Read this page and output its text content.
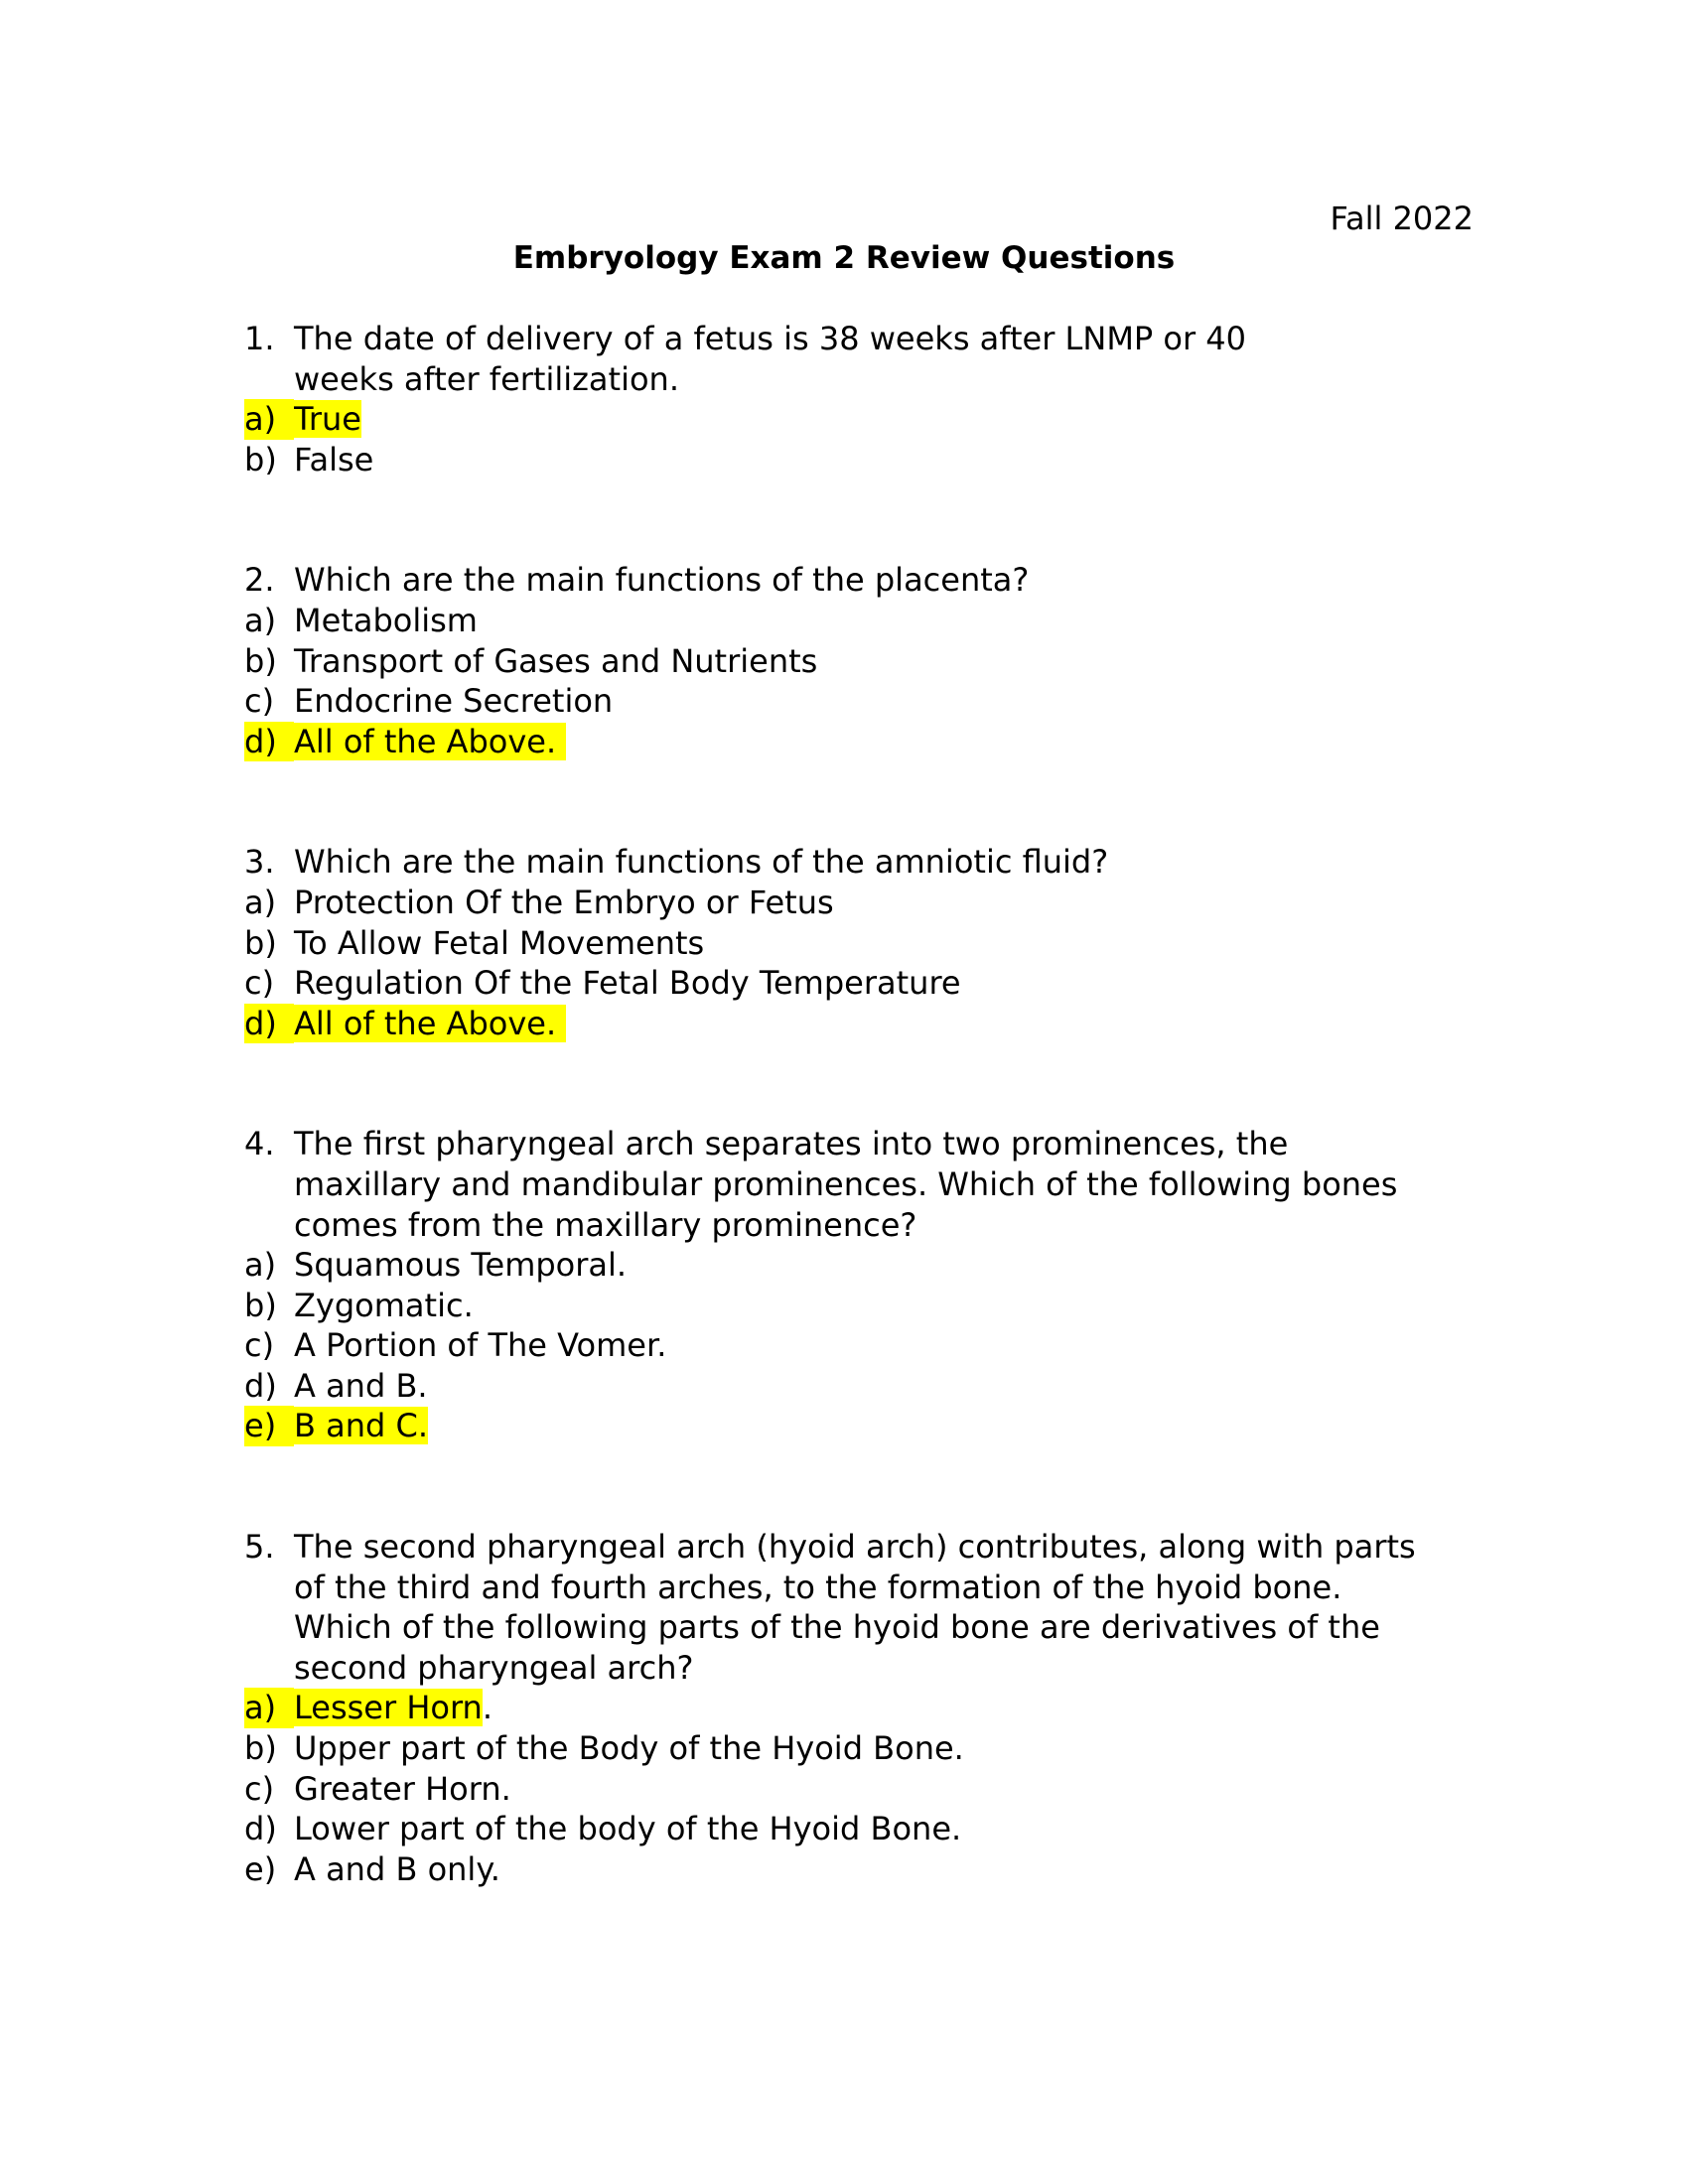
Fall 2022
Embryology Exam 2 Review Questions
1. The date of delivery of a fetus is 38 weeks after LNMP or 40 weeks after fertilization.
a) True
b) False
2. Which are the main functions of the placenta?
a) Metabolism
b) Transport of Gases and Nutrients
c) Endocrine Secretion
d) All of the Above.
3. Which are the main functions of the amniotic fluid?
a) Protection Of the Embryo or Fetus
b) To Allow Fetal Movements
c) Regulation Of the Fetal Body Temperature
d) All of the Above.
4. The first pharyngeal arch separates into two prominences, the maxillary and mandibular prominences. Which of the following bones comes from the maxillary prominence?
a) Squamous Temporal.
b) Zygomatic.
c) A Portion of The Vomer.
d) A and B.
e) B and C.
5. The second pharyngeal arch (hyoid arch) contributes, along with parts of the third and fourth arches, to the formation of the hyoid bone. Which of the following parts of the hyoid bone are derivatives of the second pharyngeal arch?
a) Lesser Horn.
b) Upper part of the Body of the Hyoid Bone.
c) Greater Horn.
d) Lower part of the body of the Hyoid Bone.
e) A and B only.
